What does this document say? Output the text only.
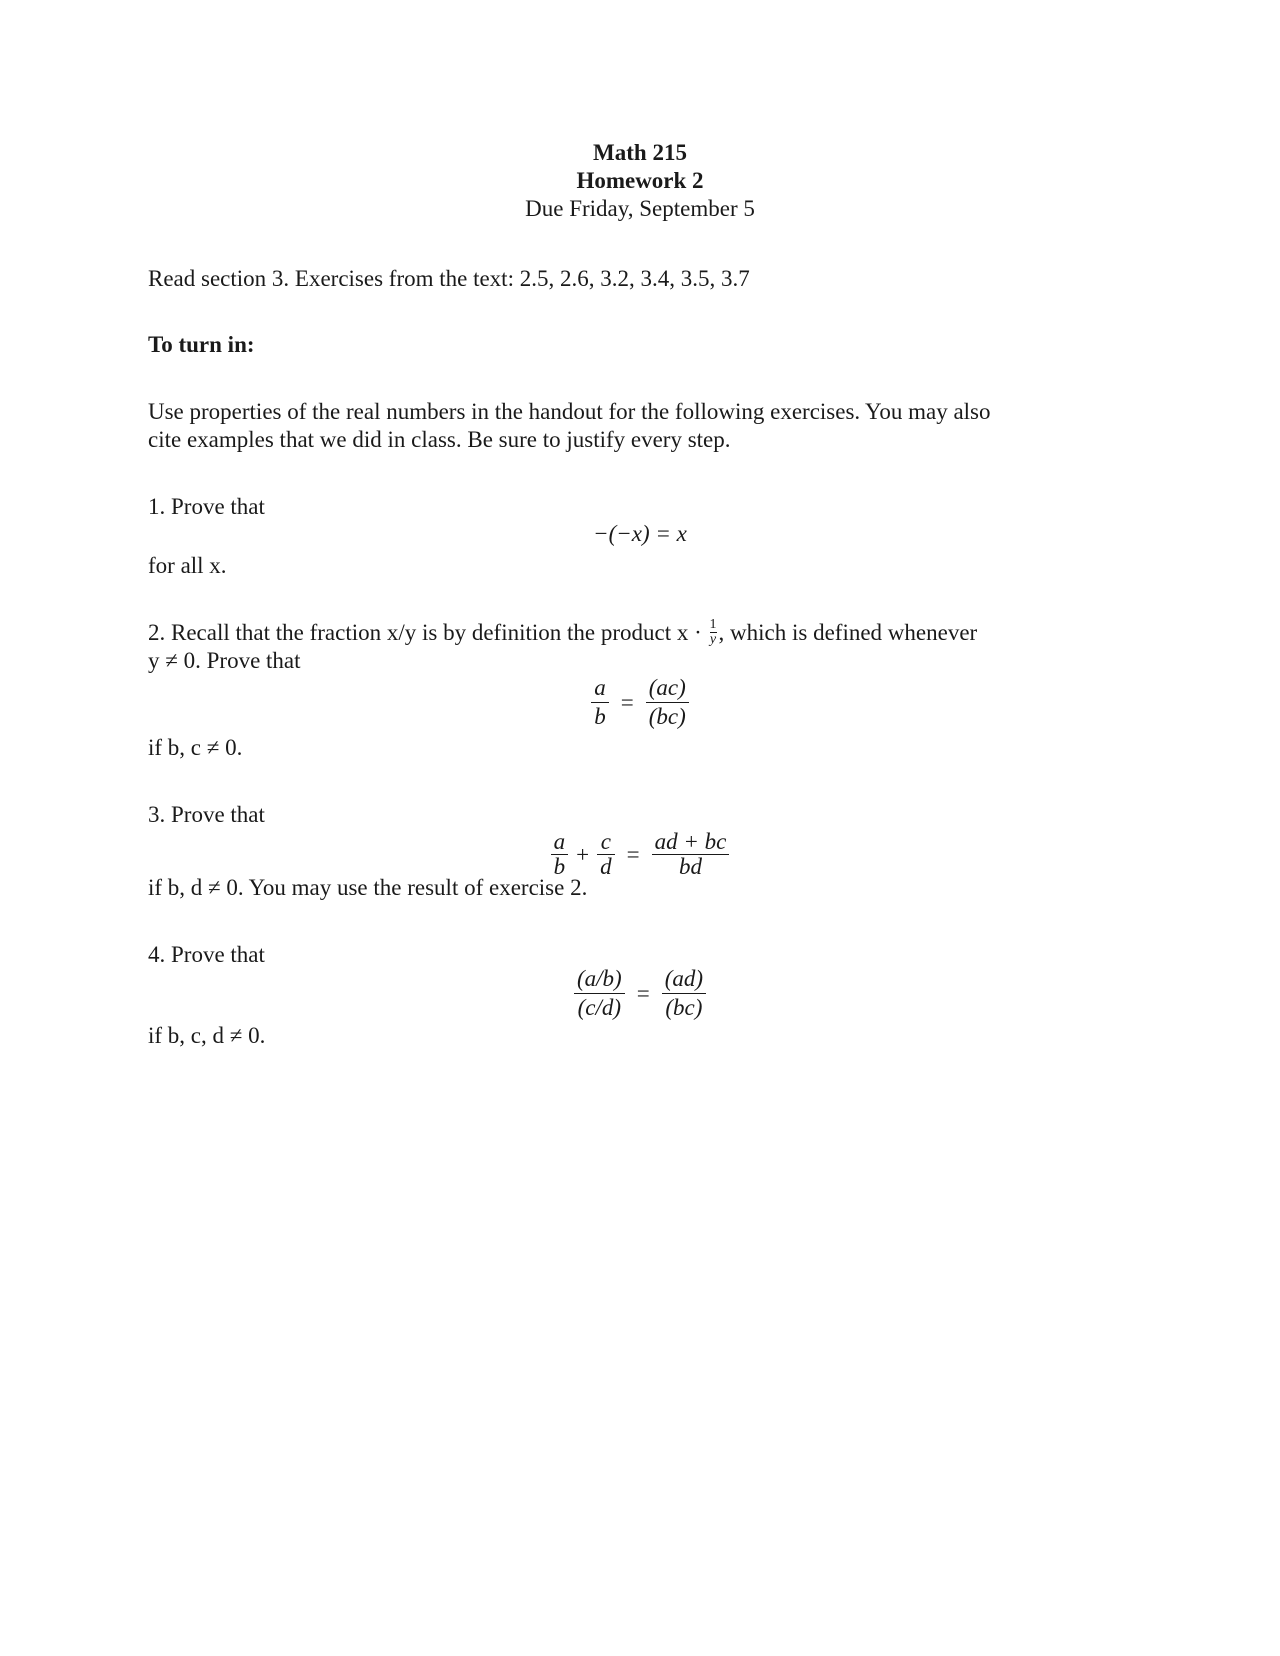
Math 215
Homework 2
Due Friday, September 5
Read section 3. Exercises from the text: 2.5, 2.6, 3.2, 3.4, 3.5, 3.7
To turn in:
Use properties of the real numbers in the handout for the following exercises. You may also
cite examples that we did in class. Be sure to justify every step.
1. Prove that
−(−x) = x
for all x.
2. Recall that the fraction x/y is by definition the product $x \cdot \frac{1}{y}$ , which is defined whenever
y ≠ 0. Prove that
$\frac{a}{b} = \frac{(ac)}{(bc)}$
if b, c ≠ 0.
3. Prove that
$\frac{a}{b} + \frac{c}{d} = \frac{ad + bc}{bd}$
if b, d ≠ 0. You may use the result of exercise 2.
4. Prove that
$\frac{(a/b)}{(c/d)} = \frac{(ad)}{(bc)}$
if b, c, d ≠ 0.
